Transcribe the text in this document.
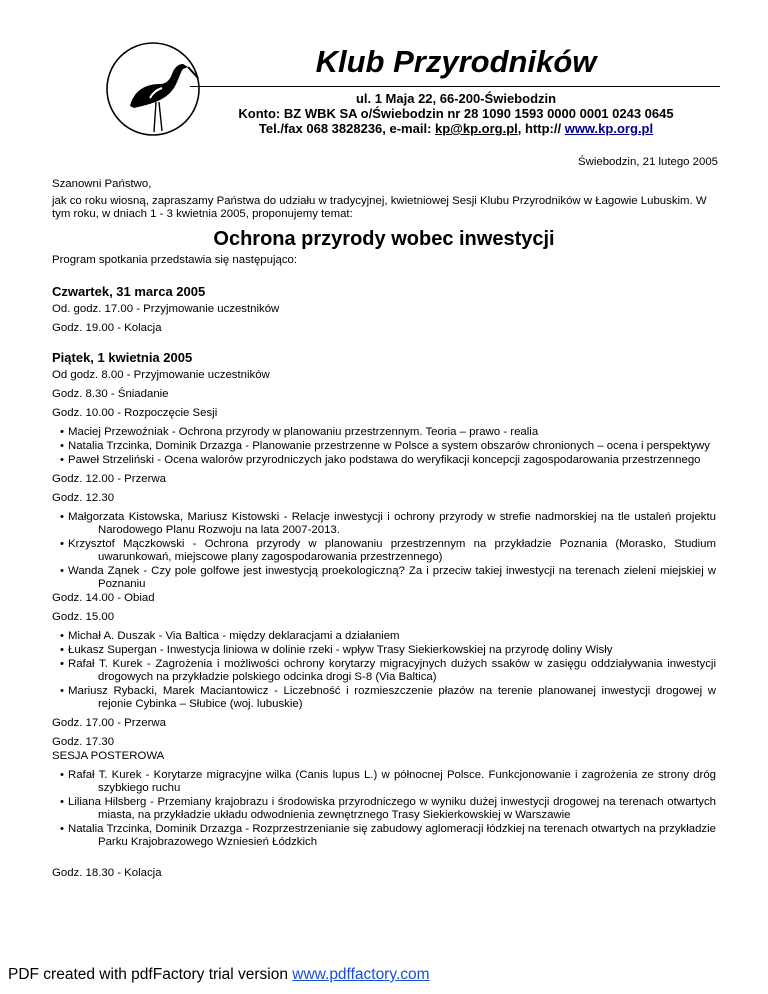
Klub Przyrodników
ul. 1 Maja 22, 66-200-Świebodzin
Konto: BZ WBK SA o/Świebodzin nr 28 1090 1593 0000 0001 0243 0645
Tel./fax 068 3828236, e-mail: kp@kp.org.pl, http:// www.kp.org.pl
Świebodzin, 21 lutego 2005

Szanowni Państwo,

jak co roku wiosną, zapraszamy Państwa do udziału w tradycyjnej, kwietniowej Sesji Klubu Przyrodników w Łagowie Lubuskim. W tym roku, w dniach 1 - 3 kwietnia 2005, proponujemy temat:

Ochrona przyrody wobec inwestycji

Program spotkania przedstawia się następująco:

Czwartek, 31 marca 2005

Od. godz. 17.00 - Przyjmowanie uczestników

Godz. 19.00 - Kolacja

Piątek, 1 kwietnia 2005

Od godz. 8.00 - Przyjmowanie uczestników

Godz. 8.30 - Śniadanie

Godz. 10.00 - Rozpoczęcie Sesji

• Maciej Przewoźniak - Ochrona przyrody w planowaniu przestrzennym. Teoria – prawo - realia
• Natalia Trzcinka, Dominik Drzazga - Planowanie przestrzenne w Polsce a system obszarów chronionych – ocena i perspektywy
• Paweł Strzeliński - Ocena walorów przyrodniczych jako podstawa do weryfikacji koncepcji zagospodarowania przestrzennego

Godz. 12.00 - Przerwa

Godz. 12.30

• Małgorzata Kistowska, Mariusz Kistowski - Relacje inwestycji i ochrony przyrody w strefie nadmorskiej na tle ustaleń projektu Narodowego Planu Rozwoju na lata 2007-2013.
• Krzysztof Mączkowski - Ochrona przyrody w planowaniu przestrzennym na przykładzie Poznania (Morasko, Studium uwarunkowań, miejscowe plany zagospodarowania przestrzennego)
• Wanda Ząnek - Czy pole golfowe jest inwestycją proekologiczną? Za i przeciw takiej inwestycji na terenach zieleni miejskiej w Poznaniu

Godz. 14.00 - Obiad

Godz. 15.00

• Michał A. Duszak - Via Baltica - między deklaracjami a działaniem
• Łukasz Supergan - Inwestycja liniowa w dolinie rzeki - wpływ Trasy Siekierkowskiej na przyrodę doliny Wisły
• Rafał T. Kurek - Zagrożenia i możliwości ochrony korytarzy migracyjnych dużych ssaków w zasięgu oddziaływania inwestycji drogowych na przykładzie polskiego odcinka drogi S-8 (Via Baltica)
• Mariusz Rybacki, Marek Maciantowicz - Liczebność i rozmieszczenie płazów na terenie planowanej inwestycji drogowej w rejonie Cybinka – Słubice (woj. lubuskie)

Godz. 17.00 - Przerwa

Godz. 17.30

SESJA POSTEROWA

• Rafał T. Kurek - Korytarze migracyjne wilka (Canis lupus L.) w północnej Polsce. Funkcjonowanie i zagrożenia ze strony dróg szybkiego ruchu
• Liliana Hilsberg - Przemiany krajobrazu i środowiska przyrodniczego w wyniku dużej inwestycji drogowej na terenach otwartych miasta, na przykładzie układu odwodnienia zewnętrznego Trasy Siekierkowskiej w Warszawie
• Natalia Trzcinka, Dominik Drzazga - Rozprzestrzenianie się zabudowy aglomeracji łódzkiej na terenach otwartych na przykładzie Parku Krajobrazowego Wzniesień Łódzkich

Godz. 18.30 - Kolacja

PDF created with pdfFactory trial version www.pdffactory.com
